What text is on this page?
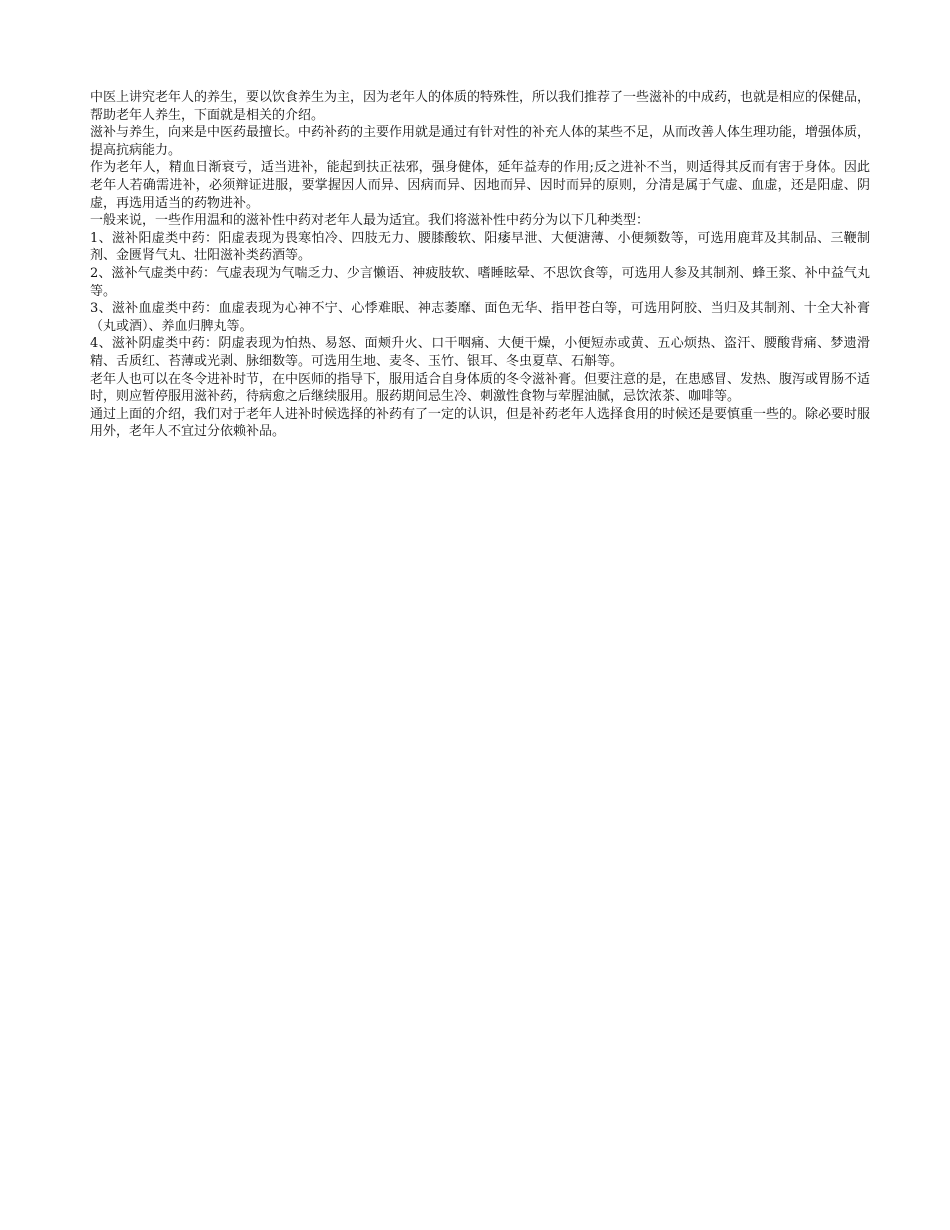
中医上讲究老年人的养生，要以饮食养生为主，因为老年人的体质的特殊性，所以我们推荐了一些滋补的中成药，也就是相应的保健品，帮助老年人养生，下面就是相关的介绍。

滋补与养生，向来是中医药最擅长。中药补药的主要作用就是通过有针对性的补充人体的某些不足，从而改善人体生理功能，增强体质，提高抗病能力。

作为老年人，精血日渐衰亏，适当进补，能起到扶正祛邪，强身健体，延年益寿的作用;反之进补不当，则适得其反而有害于身体。因此老年人若确需进补，必须辩证进服，要掌握因人而异、因病而异、因地而异、因时而异的原则，分清是属于气虚、血虚，还是阳虚、阴虚，再选用适当的药物进补。

一般来说，一些作用温和的滋补性中药对老年人最为适宜。我们将滋补性中药分为以下几种类型：

1、滋补阳虚类中药：阳虚表现为畏寒怕冷、四肢无力、腰膝酸软、阳痿早泄、大便溏薄、小便频数等，可选用鹿茸及其制品、三鞭制剂、金匮肾气丸、壮阳滋补类药酒等。

2、滋补气虚类中药：气虚表现为气喘乏力、少言懒语、神疲肢软、嗜睡眩晕、不思饮食等，可选用人参及其制剂、蜂王浆、补中益气丸等。

3、滋补血虚类中药：血虚表现为心神不宁、心悸难眠、神志萎靡、面色无华、指甲苍白等，可选用阿胶、当归及其制剂、十全大补膏（丸或酒）、养血归脾丸等。

4、滋补阴虚类中药：阴虚表现为怕热、易怒、面颊升火、口干咽痛、大便干燥，小便短赤或黄、五心烦热、盗汗、腰酸背痛、梦遗滑精、舌质红、苔薄或光剥、脉细数等。可选用生地、麦冬、玉竹、银耳、冬虫夏草、石斛等。

老年人也可以在冬令进补时节，在中医师的指导下，服用适合自身体质的冬令滋补膏。但要注意的是，在患感冒、发热、腹泻或胃肠不适时，则应暂停服用滋补药，待病愈之后继续服用。服药期间忌生冷、刺激性食物与荤腥油腻，忌饮浓茶、咖啡等。

通过上面的介绍，我们对于老年人进补时候选择的补药有了一定的认识，但是补药老年人选择食用的时候还是要慎重一些的。除必要时服用外，老年人不宜过分依赖补品。
